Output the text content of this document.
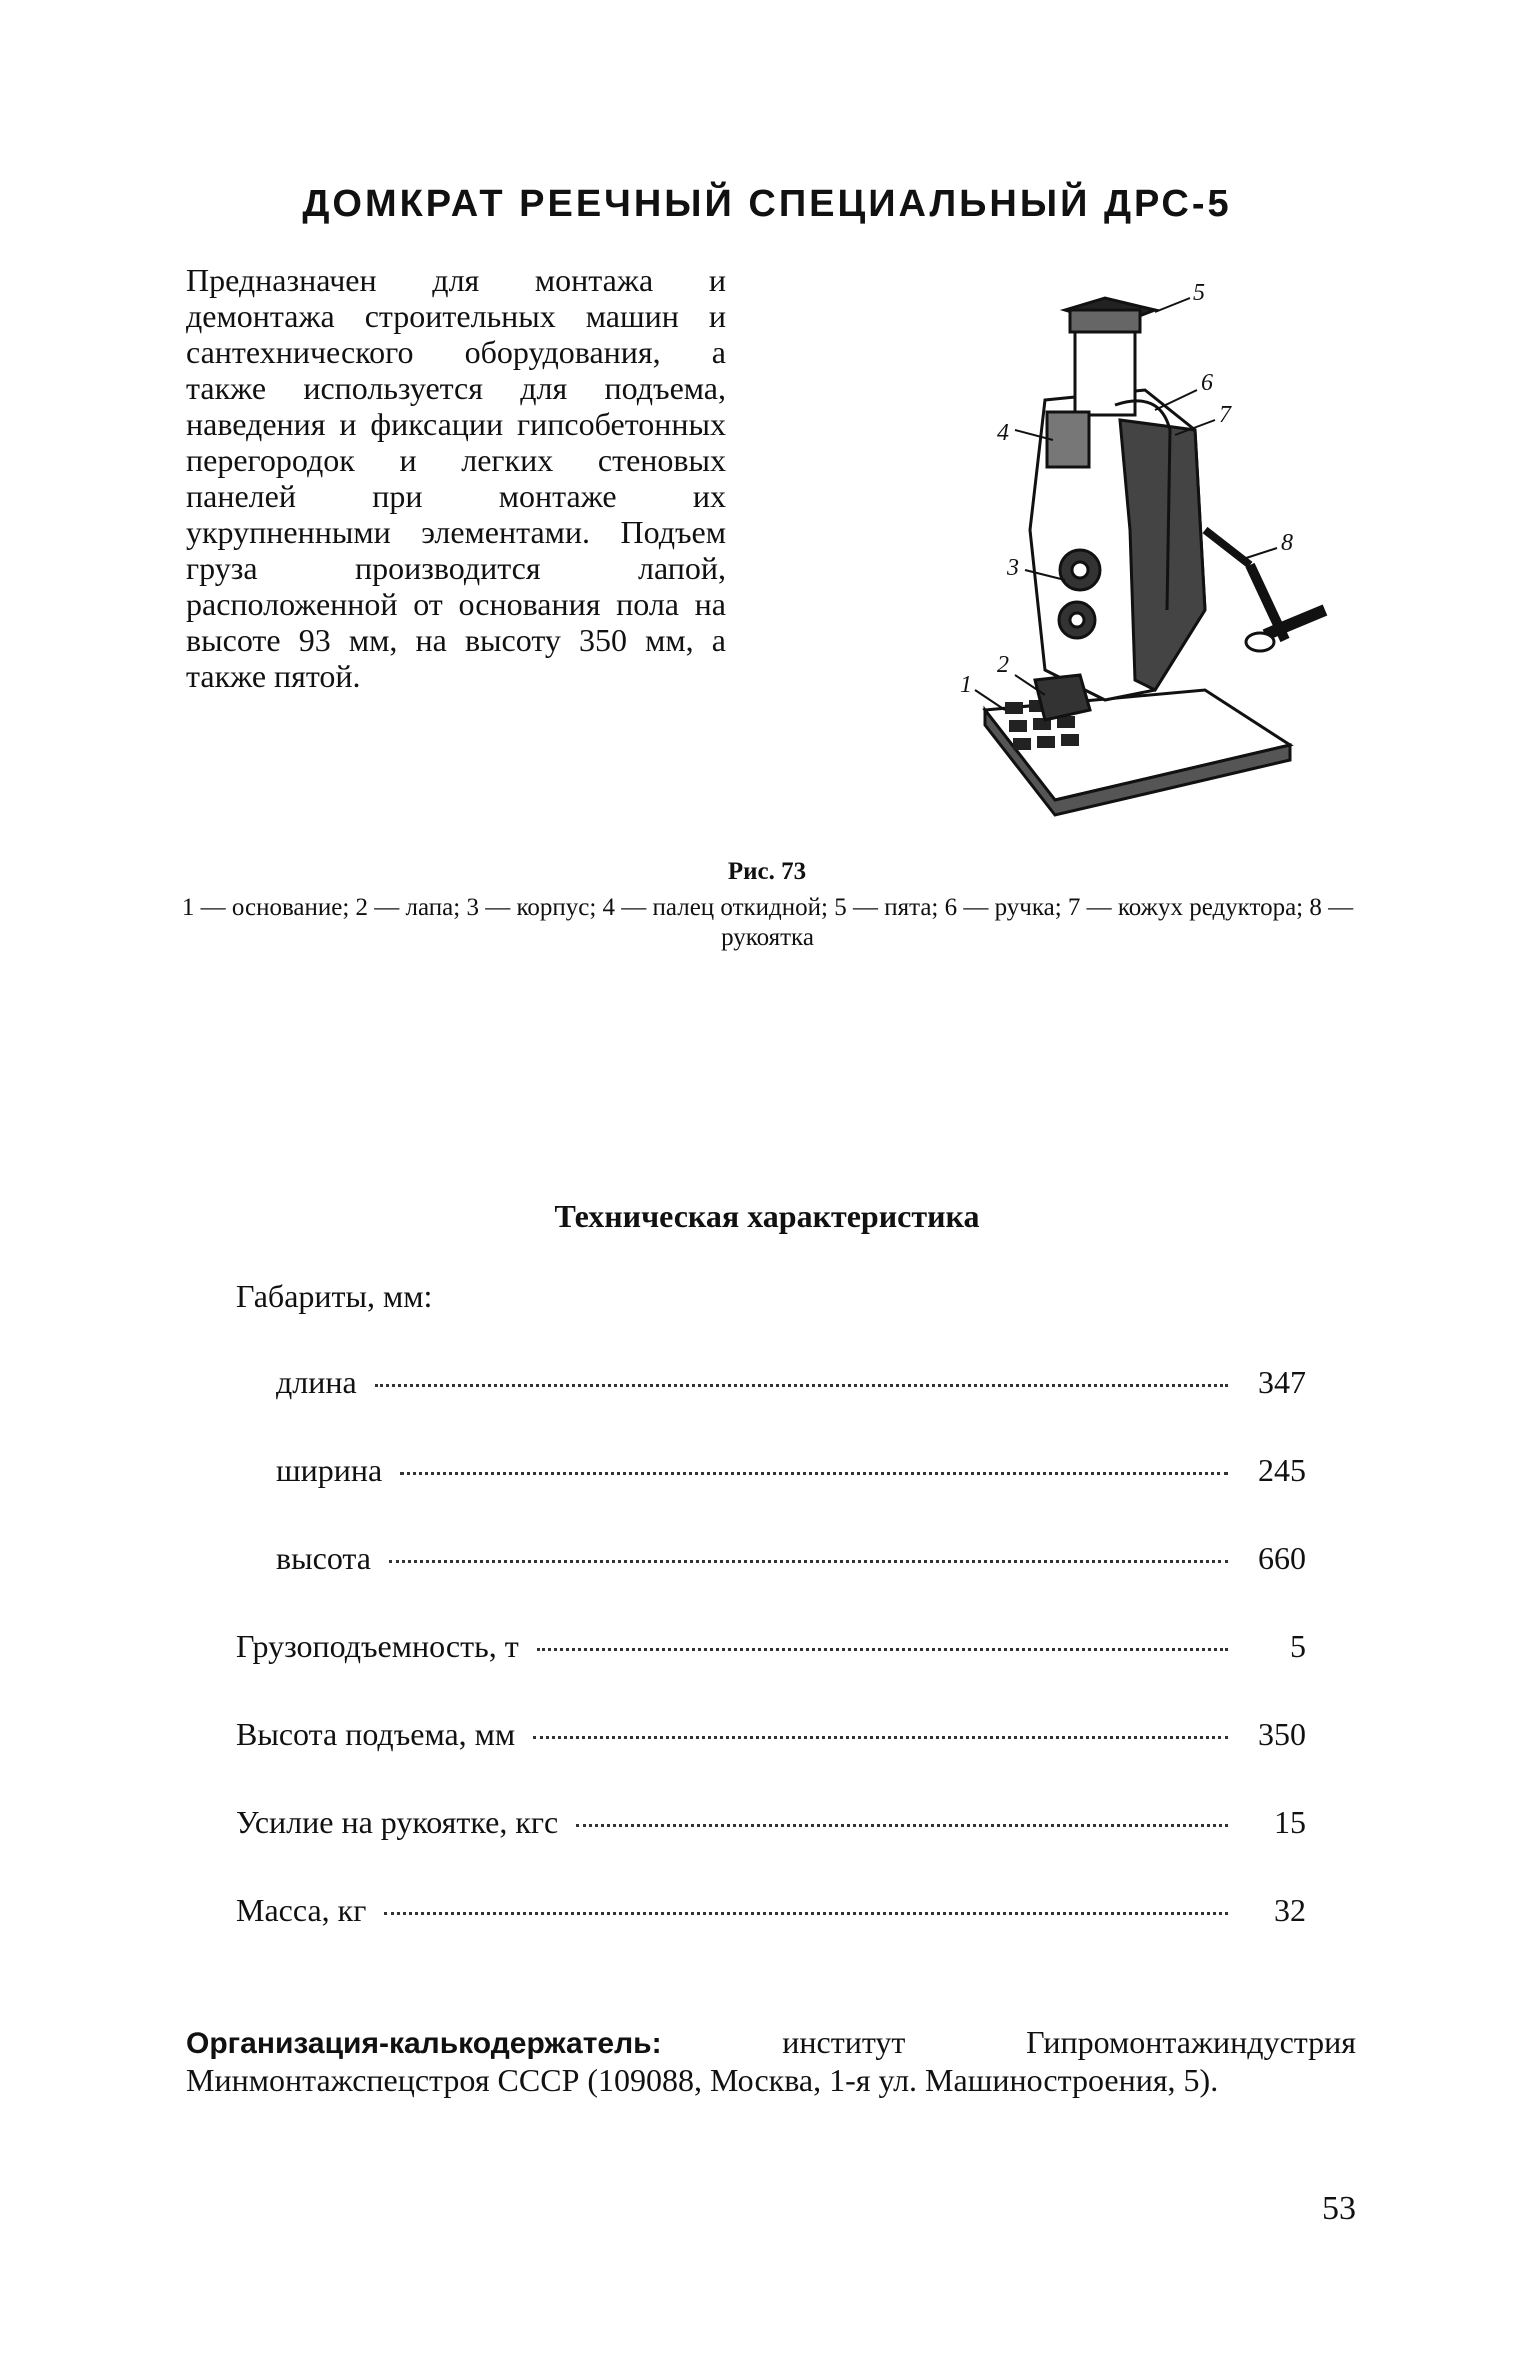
ДОМКРАТ РЕЕЧНЫЙ СПЕЦИАЛЬНЫЙ ДРС-5

Предназначен для монтажа и демонтажа строительных машин и сантехнического оборудования, а также используется для подъема, наведения и фиксации гипсобетонных перегородок и легких стеновых панелей при монтаже их укрупненными элементами. Подъем груза производится лапой, расположенной от основания пола на высоте 93 мм, на высоту 350 мм, а также пятой.

5
6
7
8
4
3
2
1
Рис. 73
1 — основание; 2 — лапа; 3 — корпус; 4 — палец откидной; 5 — пята; 6 — ручка; 7 — кожух редуктора; 8 — рукоятка
Техническая характеристика
Габариты, мм:
длина	347
ширина	245
высота	660
Грузоподъемность, т	5
Высота подъема, мм	350
Усилие на рукоятке, кгс	15
Масса, кг	32

Организация-калькодержатель:	институт Гипромонтажиндустрия Минмонтажспецстроя СССР (109088, Москва, 1-я ул. Машиностроения, 5).

53
